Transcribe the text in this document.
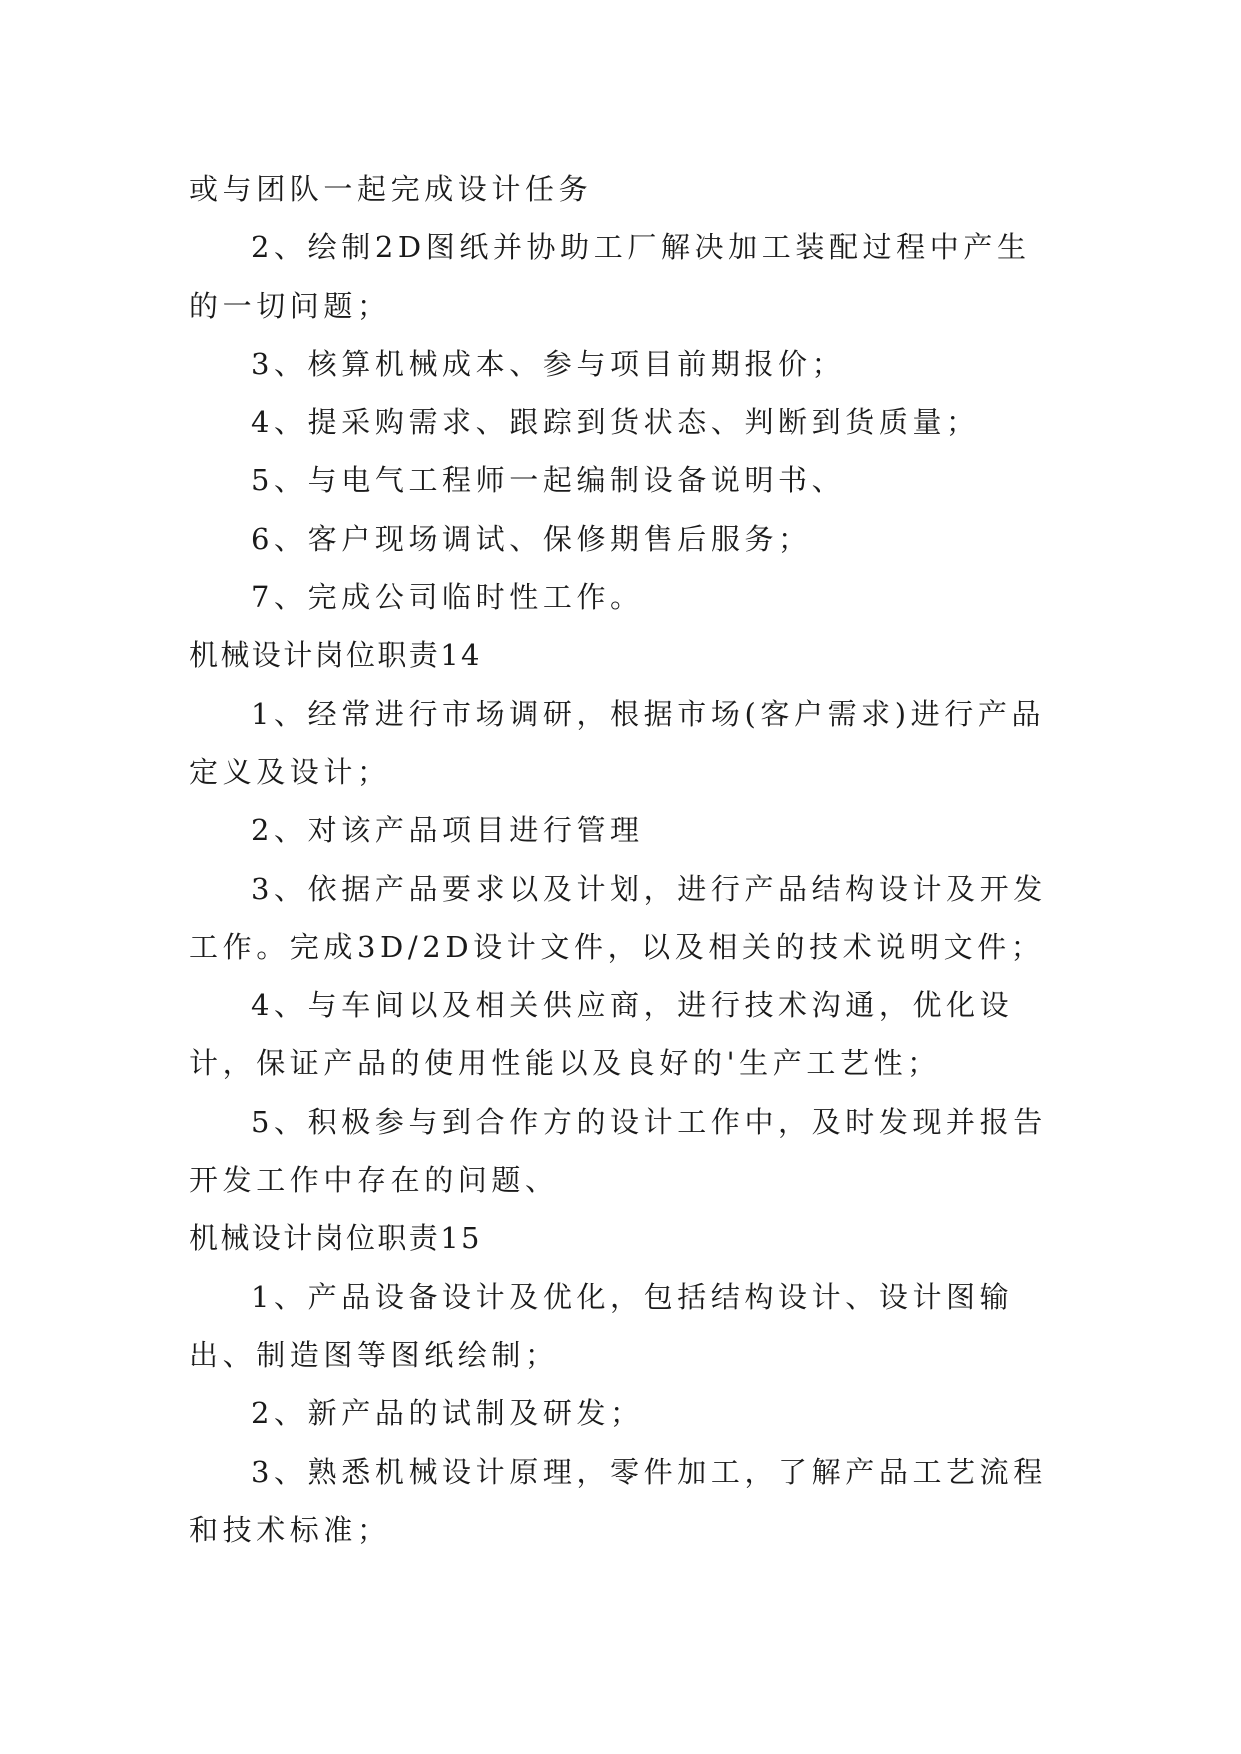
或与团队一起完成设计任务

2、绘制2D图纸并协助工厂解决加工装配过程中产生的一切问题；

3、核算机械成本、参与项目前期报价；

4、提采购需求、跟踪到货状态、判断到货质量；

5、与电气工程师一起编制设备说明书、

6、客户现场调试、保修期售后服务；

7、完成公司临时性工作。

机械设计岗位职责14

1、经常进行市场调研，根据市场(客户需求)进行产品定义及设计；

2、对该产品项目进行管理

3、依据产品要求以及计划，进行产品结构设计及开发工作。完成3D/2D设计文件，以及相关的技术说明文件；

4、与车间以及相关供应商，进行技术沟通，优化设计，保证产品的使用性能以及良好的'生产工艺性；

5、积极参与到合作方的设计工作中，及时发现并报告开发工作中存在的问题、

机械设计岗位职责15

1、产品设备设计及优化，包括结构设计、设计图输出、制造图等图纸绘制；

2、新产品的试制及研发；

3、熟悉机械设计原理，零件加工，了解产品工艺流程和技术标准；
